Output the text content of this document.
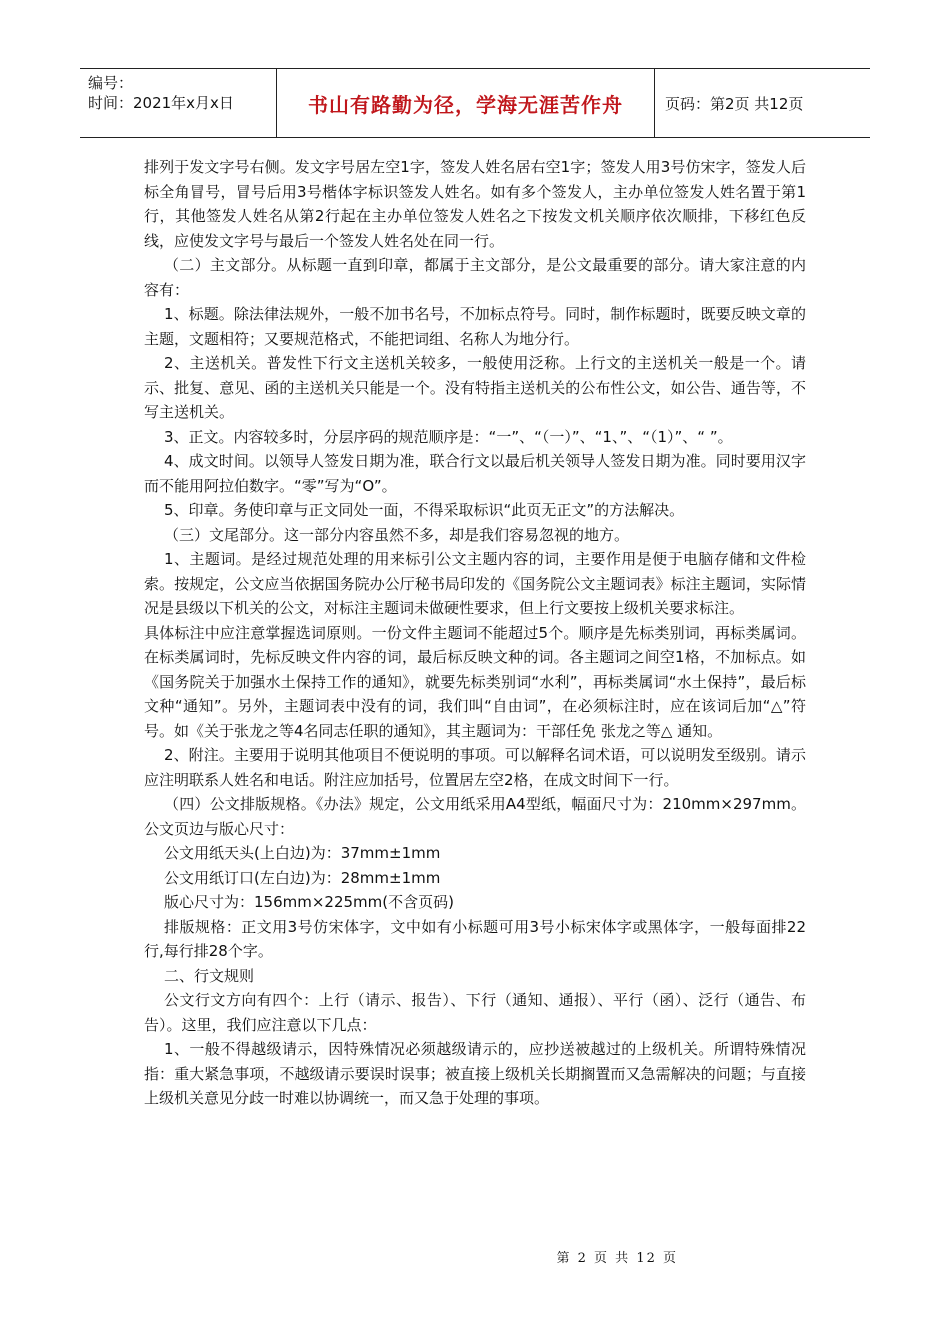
编号：
时间：2021年x月x日	书山有路勤为径，学海无涯苦作舟	页码：第2页 共12页

排列于发文字号右侧。发文字号居左空1字，签发人姓名居右空1字；签发人用3号仿宋字，签发人后标全角冒号，冒号后用3号楷体字标识签发人姓名。如有多个签发人，主办单位签发人姓名置于第1行，其他签发人姓名从第2行起在主办单位签发人姓名之下按发文机关顺序依次顺排，下移红色反线，应使发文字号与最后一个签发人姓名处在同一行。

（二）主文部分。从标题一直到印章，都属于主文部分，是公文最重要的部分。请大家注意的内容有：

1、标题。除法律法规外，一般不加书名号，不加标点符号。同时，制作标题时，既要反映文章的主题，文题相符；又要规范格式，不能把词组、名称人为地分行。

2、主送机关。普发性下行文主送机关较多，一般使用泛称。上行文的主送机关一般是一个。请示、批复、意见、函的主送机关只能是一个。没有特指主送机关的公布性公文，如公告、通告等，不写主送机关。

3、正文。内容较多时，分层序码的规范顺序是：“一”、“（一）”、“1、”、“（1）”、“ ”。

4、成文时间。以领导人签发日期为准，联合行文以最后机关领导人签发日期为准。同时要用汉字而不能用阿拉伯数字。“零”写为“O”。

5、印章。务使印章与正文同处一面，不得采取标识“此页无正文”的方法解决。

（三）文尾部分。这一部分内容虽然不多，却是我们容易忽视的地方。

1、主题词。是经过规范处理的用来标引公文主题内容的词，主要作用是便于电脑存储和文件检索。按规定，公文应当依据国务院办公厅秘书局印发的《国务院公文主题词表》标注主题词，实际情况是县级以下机关的公文，对标注主题词未做硬性要求，但上行文要按上级机关要求标注。

具体标注中应注意掌握选词原则。一份文件主题词不能超过5个。顺序是先标类别词，再标类属词。在标类属词时，先标反映文件内容的词，最后标反映文种的词。各主题词之间空1格，不加标点。如《国务院关于加强水土保持工作的通知》，就要先标类别词“水利”，再标类属词“水土保持”，最后标文种“通知”。另外，主题词表中没有的词，我们叫“自由词”，在必须标注时，应在该词后加“△”符号。如《关于张龙之等4名同志任职的通知》，其主题词为：干部任免 张龙之等△ 通知。

2、附注。主要用于说明其他项目不便说明的事项。可以解释名词术语，可以说明发至级别。请示应注明联系人姓名和电话。附注应加括号，位置居左空2格，在成文时间下一行。

（四）公文排版规格。《办法》规定，公文用纸采用A4型纸，幅面尺寸为：210mm×297mm。公文页边与版心尺寸：

公文用纸天头(上白边)为：37mm±1mm

公文用纸订口(左白边)为：28mm±1mm

版心尺寸为：156mm×225mm(不含页码)

排版规格：正文用3号仿宋体字，文中如有小标题可用3号小标宋体字或黑体字，一般每面排22行,每行排28个字。

二、行文规则

公文行文方向有四个：上行（请示、报告）、下行（通知、通报）、平行（函）、泛行（通告、布告）。这里，我们应注意以下几点：

1、一般不得越级请示，因特殊情况必须越级请示的，应抄送被越过的上级机关。所谓特殊情况指：重大紧急事项，不越级请示要误时误事；被直接上级机关长期搁置而又急需解决的问题；与直接上级机关意见分歧一时难以协调统一，而又急于处理的事项。

第 2 页 共 12 页
